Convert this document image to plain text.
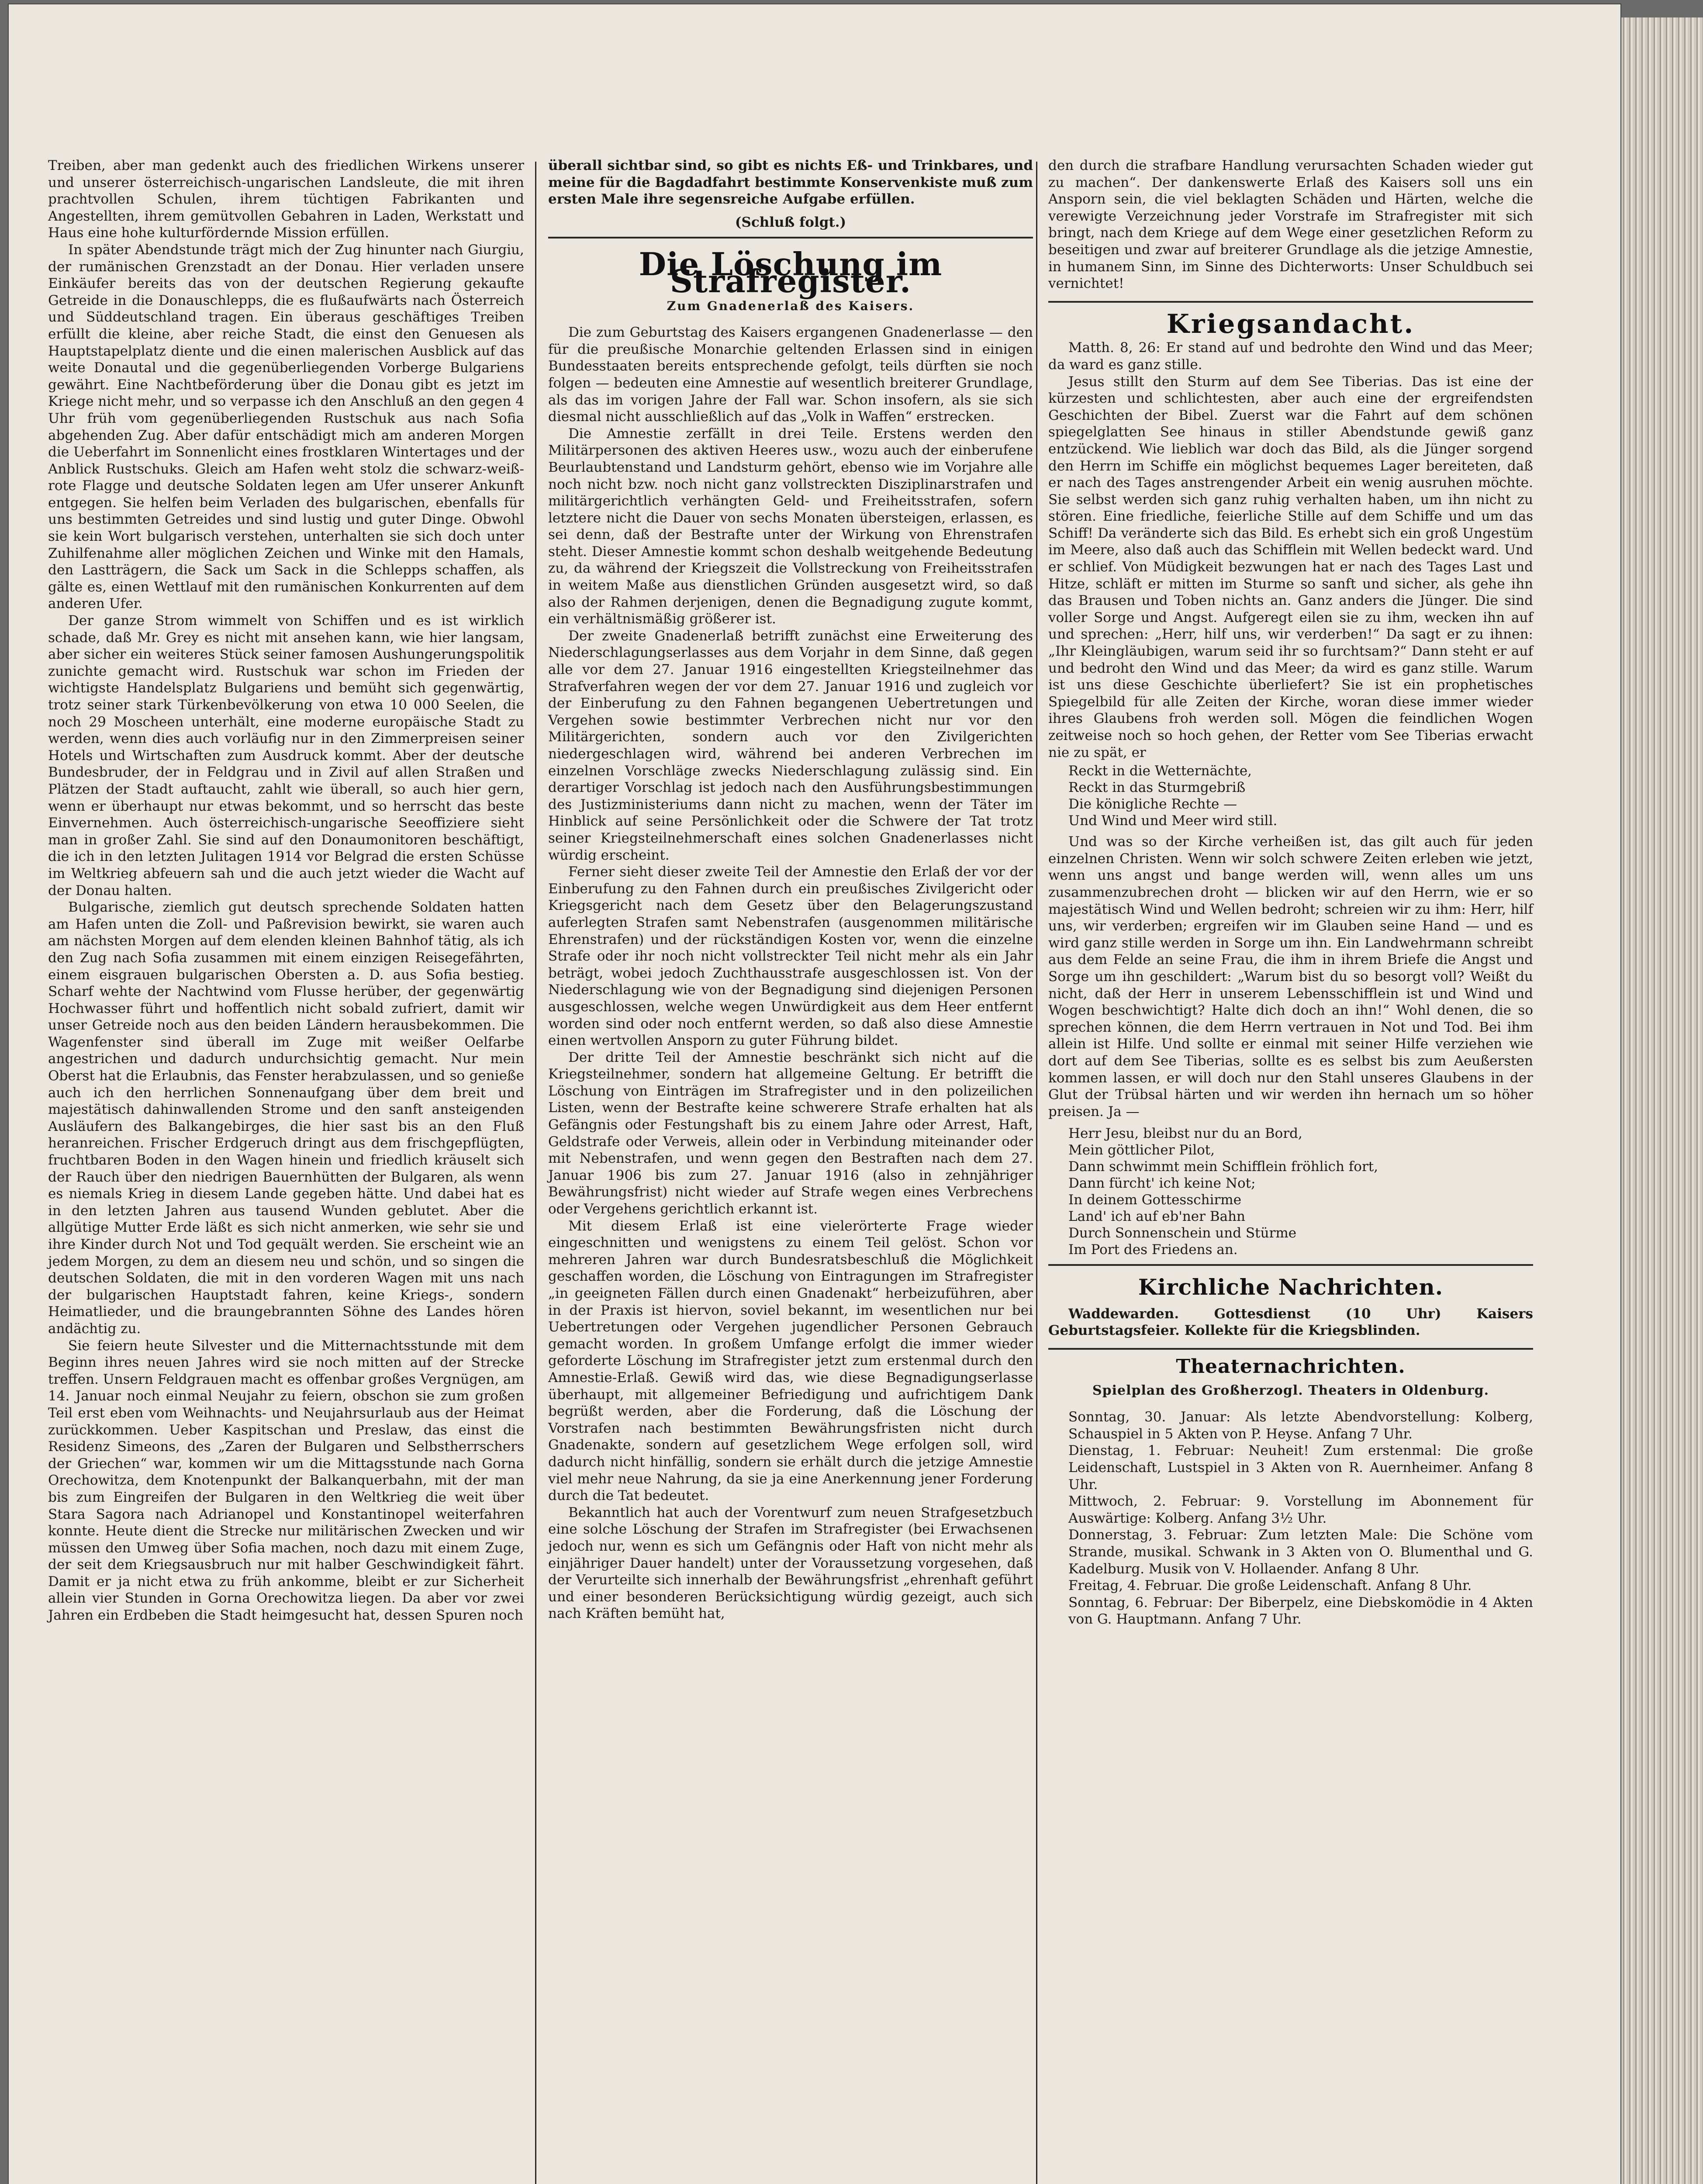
Treiben, aber man gedenkt auch des friedlichen Wirkens unserer und unserer österreichisch-ungarischen Landsleute, die mit ihren prachtvollen Schulen, ihrem tüchtigen Fabrikanten und Angestellten, ihrem gemütvollen Gebahren in Laden, Werkstatt und Haus eine hohe kulturfördernde Mission erfüllen.

In später Abendstunde trägt mich der Zug hinunter nach Giurgiu, der rumänischen Grenzstadt an der Donau. Hier verladen unsere Einkäufer bereits das von der deutschen Regierung gekaufte Getreide in die Donauschlepps, die es flußaufwärts nach Österreich und Süddeutschland tragen. Ein überaus geschäftiges Treiben erfüllt die kleine, aber reiche Stadt, die einst den Genuesen als Hauptstapelplatz diente und die einen malerischen Ausblick auf das weite Donautal und die gegenüberliegenden Vorberge Bulgariens gewährt. Eine Nachtbeförderung über die Donau gibt es jetzt im Kriege nicht mehr, und so verpasse ich den Anschluß an den gegen 4 Uhr früh vom gegenüberliegenden Rustschuk aus nach Sofia abgehenden Zug. Aber dafür entschädigt mich am anderen Morgen die Ueberfahrt im Sonnenlicht eines frostklaren Wintertages und der Anblick Rustschuks. Gleich am Hafen weht stolz die schwarz-weiß-rote Flagge und deutsche Soldaten legen am Ufer unserer Ankunft entgegen. Sie helfen beim Verladen des bulgarischen, ebenfalls für uns bestimmten Getreides und sind lustig und guter Dinge. Obwohl sie kein Wort bulgarisch verstehen, unterhalten sie sich doch unter Zuhilfenahme aller möglichen Zeichen und Winke mit den Hamals, den Lastträgern, die Sack um Sack in die Schlepps schaffen, als gälte es, einen Wettlauf mit den rumänischen Konkurrenten auf dem anderen Ufer.

Der ganze Strom wimmelt von Schiffen und es ist wirklich schade, daß Mr. Grey es nicht mit ansehen kann, wie hier langsam, aber sicher ein weiteres Stück seiner famosen Aushungerungspolitik zunichte gemacht wird. Rustschuk war schon im Frieden der wichtigste Handelsplatz Bulgariens und bemüht sich gegenwärtig, trotz seiner stark Türkenbevölkerung von etwa 10 000 Seelen, die noch 29 Moscheen unterhält, eine moderne europäische Stadt zu werden, wenn dies auch vorläufig nur in den Zimmerpreisen seiner Hotels und Wirtschaften zum Ausdruck kommt. Aber der deutsche Bundesbruder, der in Feldgrau und in Zivil auf allen Straßen und Plätzen der Stadt auftaucht, zahlt wie überall, so auch hier gern, wenn er überhaupt nur etwas bekommt, und so herrscht das beste Einvernehmen. Auch österreichisch-ungarische Seeoffiziere sieht man in großer Zahl. Sie sind auf den Donaumonitoren beschäftigt, die ich in den letzten Julitagen 1914 vor Belgrad die ersten Schüsse im Weltkrieg abfeuern sah und die auch jetzt wieder die Wacht auf der Donau halten.

Bulgarische, ziemlich gut deutsch sprechende Soldaten hatten am Hafen unten die Zoll- und Paßrevision bewirkt, sie waren auch am nächsten Morgen auf dem elenden kleinen Bahnhof tätig, als ich den Zug nach Sofia zusammen mit einem einzigen Reisegefährten, einem eisgrauen bulgarischen Obersten a. D. aus Sofia bestieg. Scharf wehte der Nachtwind vom Flusse herüber, der gegenwärtig Hochwasser führt und hoffentlich nicht sobald zufriert, damit wir unser Getreide noch aus den beiden Ländern herausbekommen. Die Wagenfenster sind überall im Zuge mit weißer Oelfarbe angestrichen und dadurch undurchsichtig gemacht. Nur mein Oberst hat die Erlaubnis, das Fenster herabzulassen, und so genieße auch ich den herrlichen Sonnenaufgang über dem breit und majestätisch dahinwallenden Strome und den sanft ansteigenden Ausläufern des Balkangebirges, die hier sast bis an den Fluß heranreichen. Frischer Erdgeruch dringt aus dem frischgepflügten, fruchtbaren Boden in den Wagen hinein und friedlich kräuselt sich der Rauch über den niedrigen Bauernhütten der Bulgaren, als wenn es niemals Krieg in diesem Lande gegeben hätte. Und dabei hat es in den letzten Jahren aus tausend Wunden geblutet. Aber die allgütige Mutter Erde läßt es sich nicht anmerken, wie sehr sie und ihre Kinder durch Not und Tod gequält werden. Sie erscheint wie an jedem Morgen, zu dem an diesem neu und schön, und so singen die deutschen Soldaten, die mit in den vorderen Wagen mit uns nach der bulgarischen Hauptstadt fahren, keine Kriegs-, sondern Heimatlieder, und die braungebrannten Söhne des Landes hören andächtig zu.

Sie feiern heute Silvester und die Mitternachtsstunde mit dem Beginn ihres neuen Jahres wird sie noch mitten auf der Strecke treffen. Unsern Feldgrauen macht es offenbar großes Vergnügen, am 14. Januar noch einmal Neujahr zu feiern, obschon sie zum großen Teil erst eben vom Weihnachts- und Neujahrsurlaub aus der Heimat zurückkommen. Ueber Kaspitschan und Preslaw, das einst die Residenz Simeons, des „Zaren der Bulgaren und Selbstherrschers der Griechen“ war, kommen wir um die Mittagsstunde nach Gorna Orechowitza, dem Knotenpunkt der Balkanquerbahn, mit der man bis zum Eingreifen der Bulgaren in den Weltkrieg die weit über Stara Sagora nach Adrianopel und Konstantinopel weiterfahren konnte. Heute dient die Strecke nur militärischen Zwecken und wir müssen den Umweg über Sofia machen, noch dazu mit einem Zuge, der seit dem Kriegsausbruch nur mit halber Geschwindigkeit fährt. Damit er ja nicht etwa zu früh ankomme, bleibt er zur Sicherheit allein vier Stunden in Gorna Orechowitza liegen. Da aber vor zwei Jahren ein Erdbeben die Stadt heimgesucht hat, dessen Spuren noch

überall sichtbar sind, so gibt es nichts Eß- und Trinkbares, und meine für die Bagdadfahrt bestimmte Konservenkiste muß zum ersten Male ihre segensreiche Aufgabe erfüllen.

(Schluß folgt.)
Die Löschung im Strafregister.
Zum Gnadenerlaß des Kaisers.

Die zum Geburtstag des Kaisers ergangenen Gnadenerlasse — den für die preußische Monarchie geltenden Erlassen sind in einigen Bundesstaaten bereits entsprechende gefolgt, teils dürften sie noch folgen — bedeuten eine Amnestie auf wesentlich breiterer Grundlage, als das im vorigen Jahre der Fall war. Schon insofern, als sie sich diesmal nicht ausschließlich auf das „Volk in Waffen“ erstrecken.

Die Amnestie zerfällt in drei Teile. Erstens werden den Militärpersonen des aktiven Heeres usw., wozu auch der einberufene Beurlaubtenstand und Landsturm gehört, ebenso wie im Vorjahre alle noch nicht bzw. noch nicht ganz vollstreckten Disziplinarstrafen und militärgerichtlich verhängten Geld- und Freiheitsstrafen, sofern letztere nicht die Dauer von sechs Monaten übersteigen, erlassen, es sei denn, daß der Bestrafte unter der Wirkung von Ehrenstrafen steht. Dieser Amnestie kommt schon deshalb weitgehende Bedeutung zu, da während der Kriegszeit die Vollstreckung von Freiheitsstrafen in weitem Maße aus dienstlichen Gründen ausgesetzt wird, so daß also der Rahmen derjenigen, denen die Begnadigung zugute kommt, ein verhältnismäßig größerer ist.

Der zweite Gnadenerlaß betrifft zunächst eine Erweiterung des Niederschlagungserlasses aus dem Vorjahr in dem Sinne, daß gegen alle vor dem 27. Januar 1916 eingestellten Kriegsteilnehmer das Strafverfahren wegen der vor dem 27. Januar 1916 und zugleich vor der Einberufung zu den Fahnen begangenen Uebertretungen und Vergehen sowie bestimmter Verbrechen nicht nur vor den Militärgerichten, sondern auch vor den Zivilgerichten niedergeschlagen wird, während bei anderen Verbrechen im einzelnen Vorschläge zwecks Niederschlagung zulässig sind. Ein derartiger Vorschlag ist jedoch nach den Ausführungsbestimmungen des Justizministeriums dann nicht zu machen, wenn der Täter im Hinblick auf seine Persönlichkeit oder die Schwere der Tat trotz seiner Kriegsteilnehmerschaft eines solchen Gnadenerlasses nicht würdig erscheint.

Ferner sieht dieser zweite Teil der Amnestie den Erlaß der vor der Einberufung zu den Fahnen durch ein preußisches Zivilgericht oder Kriegsgericht nach dem Gesetz über den Belagerungszustand auferlegten Strafen samt Nebenstrafen (ausgenommen militärische Ehrenstrafen) und der rückständigen Kosten vor, wenn die einzelne Strafe oder ihr noch nicht vollstreckter Teil nicht mehr als ein Jahr beträgt, wobei jedoch Zuchthausstrafe ausgeschlossen ist. Von der Niederschlagung wie von der Begnadigung sind diejenigen Personen ausgeschlossen, welche wegen Unwürdigkeit aus dem Heer entfernt worden sind oder noch entfernt werden, so daß also diese Amnestie einen wertvollen Ansporn zu guter Führung bildet.

Der dritte Teil der Amnestie beschränkt sich nicht auf die Kriegsteilnehmer, sondern hat allgemeine Geltung. Er betrifft die Löschung von Einträgen im Strafregister und in den polizeilichen Listen, wenn der Bestrafte keine schwerere Strafe erhalten hat als Gefängnis oder Festungshaft bis zu einem Jahre oder Arrest, Haft, Geldstrafe oder Verweis, allein oder in Verbindung miteinander oder mit Nebenstrafen, und wenn gegen den Bestraften nach dem 27. Januar 1906 bis zum 27. Januar 1916 (also in zehnjähriger Bewährungsfrist) nicht wieder auf Strafe wegen eines Verbrechens oder Vergehens gerichtlich erkannt ist.

Mit diesem Erlaß ist eine vielerörterte Frage wieder eingeschnitten und wenigstens zu einem Teil gelöst. Schon vor mehreren Jahren war durch Bundesratsbeschluß die Möglichkeit geschaffen worden, die Löschung von Eintragungen im Strafregister „in geeigneten Fällen durch einen Gnadenakt“ herbeizuführen, aber in der Praxis ist hiervon, soviel bekannt, im wesentlichen nur bei Uebertretungen oder Vergehen jugendlicher Personen Gebrauch gemacht worden. In großem Umfange erfolgt die immer wieder geforderte Löschung im Strafregister jetzt zum erstenmal durch den Amnestie-Erlaß. Gewiß wird das, wie diese Begnadigungserlasse überhaupt, mit allgemeiner Befriedigung und aufrichtigem Dank begrüßt werden, aber die Forderung, daß die Löschung der Vorstrafen nach bestimmten Bewährungsfristen nicht durch Gnadenakte, sondern auf gesetzlichem Wege erfolgen soll, wird dadurch nicht hinfällig, sondern sie erhält durch die jetzige Amnestie viel mehr neue Nahrung, da sie ja eine Anerkennung jener Forderung durch die Tat bedeutet.

Bekanntlich hat auch der Vorentwurf zum neuen Strafgesetzbuch eine solche Löschung der Strafen im Strafregister (bei Erwachsenen jedoch nur, wenn es sich um Gefängnis oder Haft von nicht mehr als einjähriger Dauer handelt) unter der Voraussetzung vorgesehen, daß der Verurteilte sich innerhalb der Bewährungsfrist „ehrenhaft geführt und einer besonderen Berücksichtigung würdig gezeigt, auch sich nach Kräften bemüht hat,

den durch die strafbare Handlung verursachten Schaden wieder gut zu machen“. Der dankenswerte Erlaß des Kaisers soll uns ein Ansporn sein, die viel beklagten Schäden und Härten, welche die verewigte Verzeichnung jeder Vorstrafe im Strafregister mit sich bringt, nach dem Kriege auf dem Wege einer gesetzlichen Reform zu beseitigen und zwar auf breiterer Grundlage als die jetzige Amnestie, in humanem Sinn, im Sinne des Dichterworts: Unser Schuldbuch sei vernichtet!

Kriegsandacht.

Matth. 8, 26: Er stand auf und bedrohte den Wind und das Meer; da ward es ganz stille.

Jesus stillt den Sturm auf dem See Tiberias. Das ist eine der kürzesten und schlichtesten, aber auch eine der ergreifendsten Geschichten der Bibel. Zuerst war die Fahrt auf dem schönen spiegelglatten See hinaus in stiller Abendstunde gewiß ganz entzückend. Wie lieblich war doch das Bild, als die Jünger sorgend den Herrn im Schiffe ein möglichst bequemes Lager bereiteten, daß er nach des Tages anstrengender Arbeit ein wenig ausruhen möchte. Sie selbst werden sich ganz ruhig verhalten haben, um ihn nicht zu stören. Eine friedliche, feierliche Stille auf dem Schiffe und um das Schiff! Da veränderte sich das Bild. Es erhebt sich ein groß Ungestüm im Meere, also daß auch das Schifflein mit Wellen bedeckt ward. Und er schlief. Von Müdigkeit bezwungen hat er nach des Tages Last und Hitze, schläft er mitten im Sturme so sanft und sicher, als gehe ihn das Brausen und Toben nichts an. Ganz anders die Jünger. Die sind voller Sorge und Angst. Aufgeregt eilen sie zu ihm, wecken ihn auf und sprechen: „Herr, hilf uns, wir verderben!“ Da sagt er zu ihnen: „Ihr Kleingläubigen, warum seid ihr so furchtsam?“ Dann steht er auf und bedroht den Wind und das Meer; da wird es ganz stille. Warum ist uns diese Geschichte überliefert? Sie ist ein prophetisches Spiegelbild für alle Zeiten der Kirche, woran diese immer wieder ihres Glaubens froh werden soll. Mögen die feindlichen Wogen zeitweise noch so hoch gehen, der Retter vom See Tiberias erwacht nie zu spät, er

Reckt in die Wetternächte,

Reckt in das Sturmgebriß

Die königliche Rechte —

Und Wind und Meer wird still.

Und was so der Kirche verheißen ist, das gilt auch für jeden einzelnen Christen. Wenn wir solch schwere Zeiten erleben wie jetzt, wenn uns angst und bange werden will, wenn alles um uns zusammenzubrechen droht — blicken wir auf den Herrn, wie er so majestätisch Wind und Wellen bedroht; schreien wir zu ihm: Herr, hilf uns, wir verderben; ergreifen wir im Glauben seine Hand — und es wird ganz stille werden in Sorge um ihn. Ein Landwehrmann schreibt aus dem Felde an seine Frau, die ihm in ihrem Briefe die Angst und Sorge um ihn geschildert: „Warum bist du so besorgt voll? Weißt du nicht, daß der Herr in unserem Lebensschifflein ist und Wind und Wogen beschwichtigt? Halte dich doch an ihn!“ Wohl denen, die so sprechen können, die dem Herrn vertrauen in Not und Tod. Bei ihm allein ist Hilfe. Und sollte er einmal mit seiner Hilfe verziehen wie dort auf dem See Tiberias, sollte es es selbst bis zum Aeußersten kommen lassen, er will doch nur den Stahl unseres Glaubens in der Glut der Trübsal härten und wir werden ihn hernach um so höher preisen. Ja —

Herr Jesu, bleibst nur du an Bord,

Mein göttlicher Pilot,

Dann schwimmt mein Schifflein fröhlich fort,

Dann fürcht' ich keine Not;

In deinem Gottesschirme

Land' ich auf eb'ner Bahn

Durch Sonnenschein und Stürme

Im Port des Friedens an.

Kirchliche Nachrichten.

Waddewarden. Gottesdienst (10 Uhr) Kaisers Geburtstagsfeier. Kollekte für die Kriegsblinden.

Theaternachrichten.
Spielplan des Großherzogl. Theaters in Oldenburg.

Sonntag, 30. Januar: Als letzte Abendvorstellung: Kolberg, Schauspiel in 5 Akten von P. Heyse. Anfang 7 Uhr.

Dienstag, 1. Februar: Neuheit! Zum erstenmal: Die große Leidenschaft, Lustspiel in 3 Akten von R. Auernheimer. Anfang 8 Uhr.

Mittwoch, 2. Februar: 9. Vorstellung im Abonnement für Auswärtige: Kolberg. Anfang 3½ Uhr.

Donnerstag, 3. Februar: Zum letzten Male: Die Schöne vom Strande, musikal. Schwank in 3 Akten von O. Blumenthal und G. Kadelburg. Musik von V. Hollaender. Anfang 8 Uhr.

Freitag, 4. Februar. Die große Leidenschaft. Anfang 8 Uhr.

Sonntag, 6. Februar: Der Biberpelz, eine Diebskomödie in 4 Akten von G. Hauptmann. Anfang 7 Uhr.
